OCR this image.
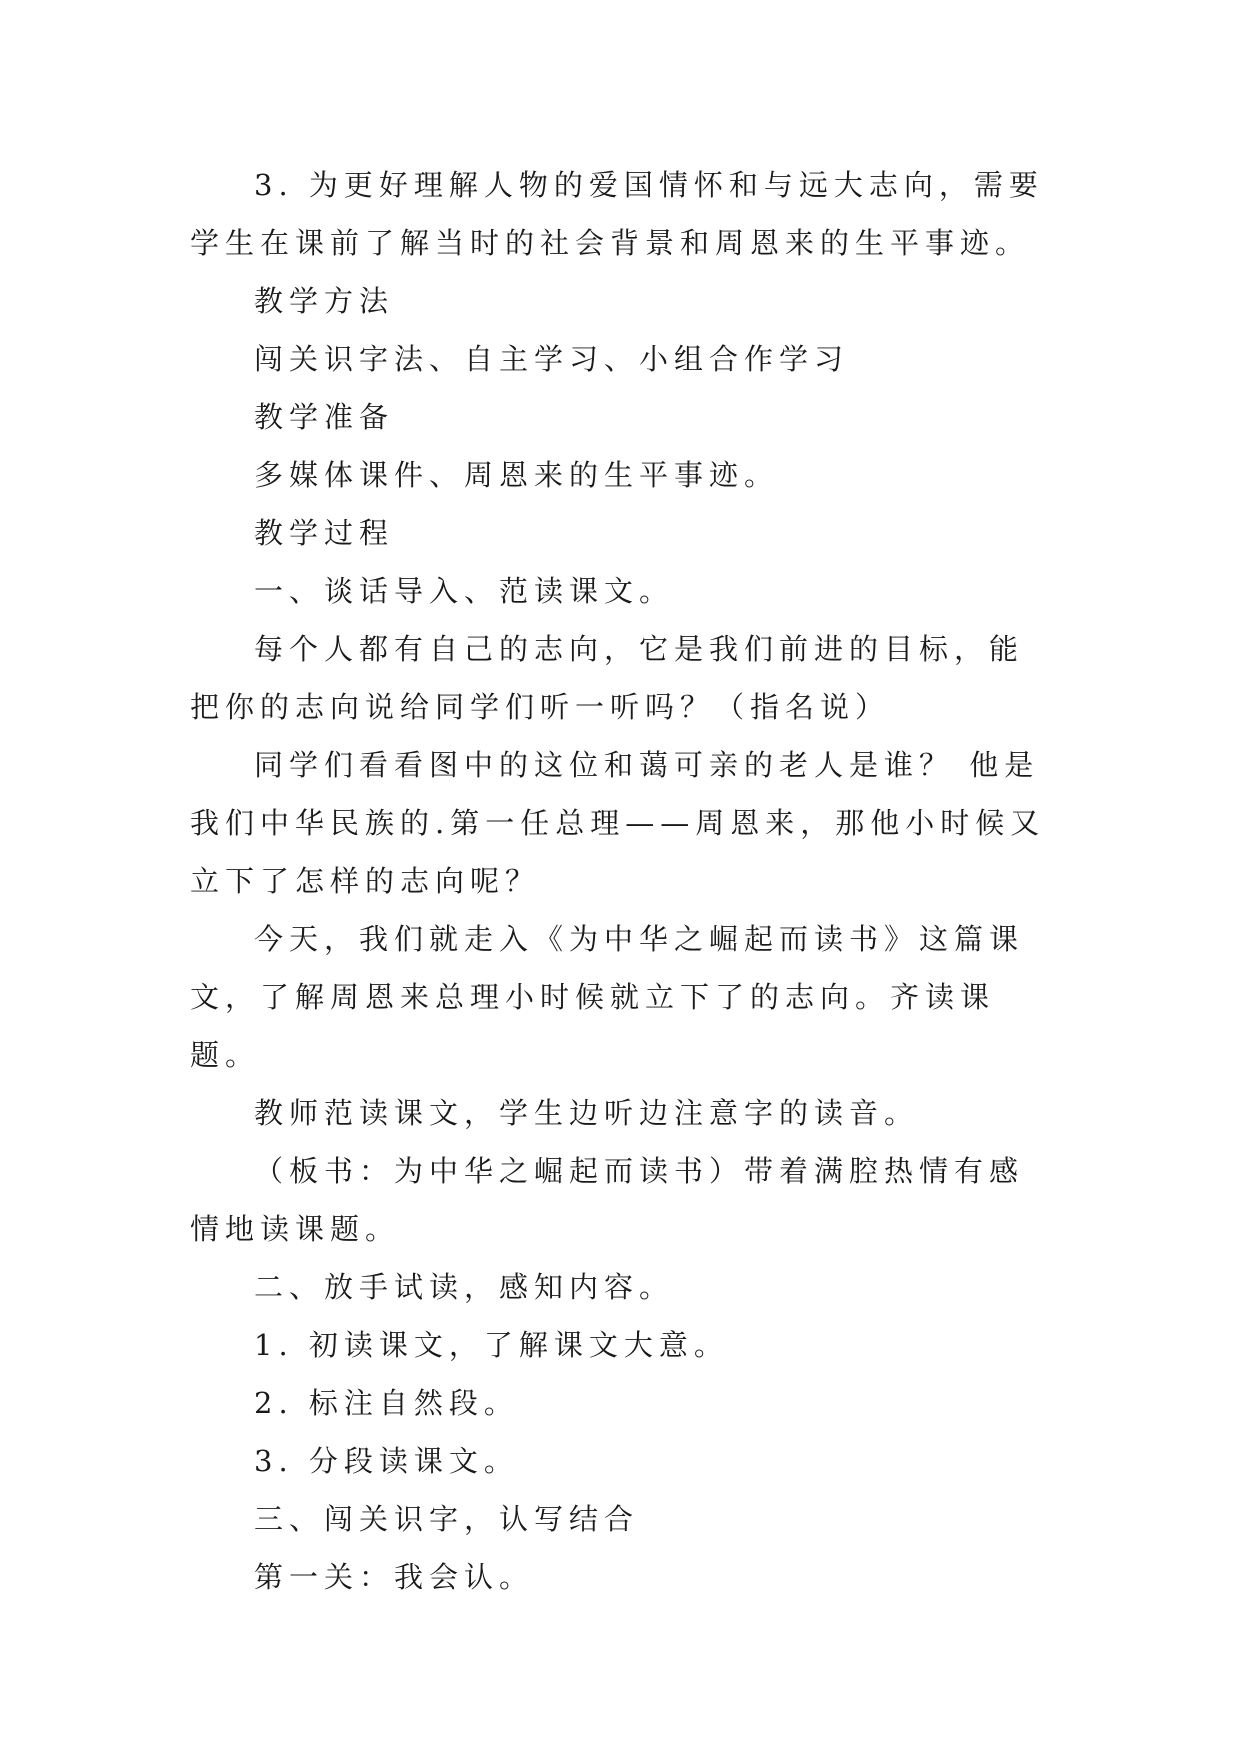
3. 为更好理解人物的爱国情怀和与远大志向，需要学生在课前了解当时的社会背景和周恩来的生平事迹。

教学方法

闯关识字法、自主学习、小组合作学习

教学准备

多媒体课件、周恩来的生平事迹。

教学过程

一、谈话导入、范读课文。

每个人都有自己的志向，它是我们前进的目标，能把你的志向说给同学们听一听吗？（指名说）

同学们看看图中的这位和蔼可亲的老人是谁？ 他是我们中华民族的.第一任总理——周恩来，那他小时候又立下了怎样的志向呢？

今天，我们就走入《为中华之崛起而读书》这篇课文，了解周恩来总理小时候就立下了的志向。齐读课题。

教师范读课文，学生边听边注意字的读音。

（板书：为中华之崛起而读书）带着满腔热情有感情地读课题。

二、放手试读，感知内容。

1. 初读课文，了解课文大意。

2. 标注自然段。

3. 分段读课文。

三、闯关识字，认写结合

第一关：我会认。
